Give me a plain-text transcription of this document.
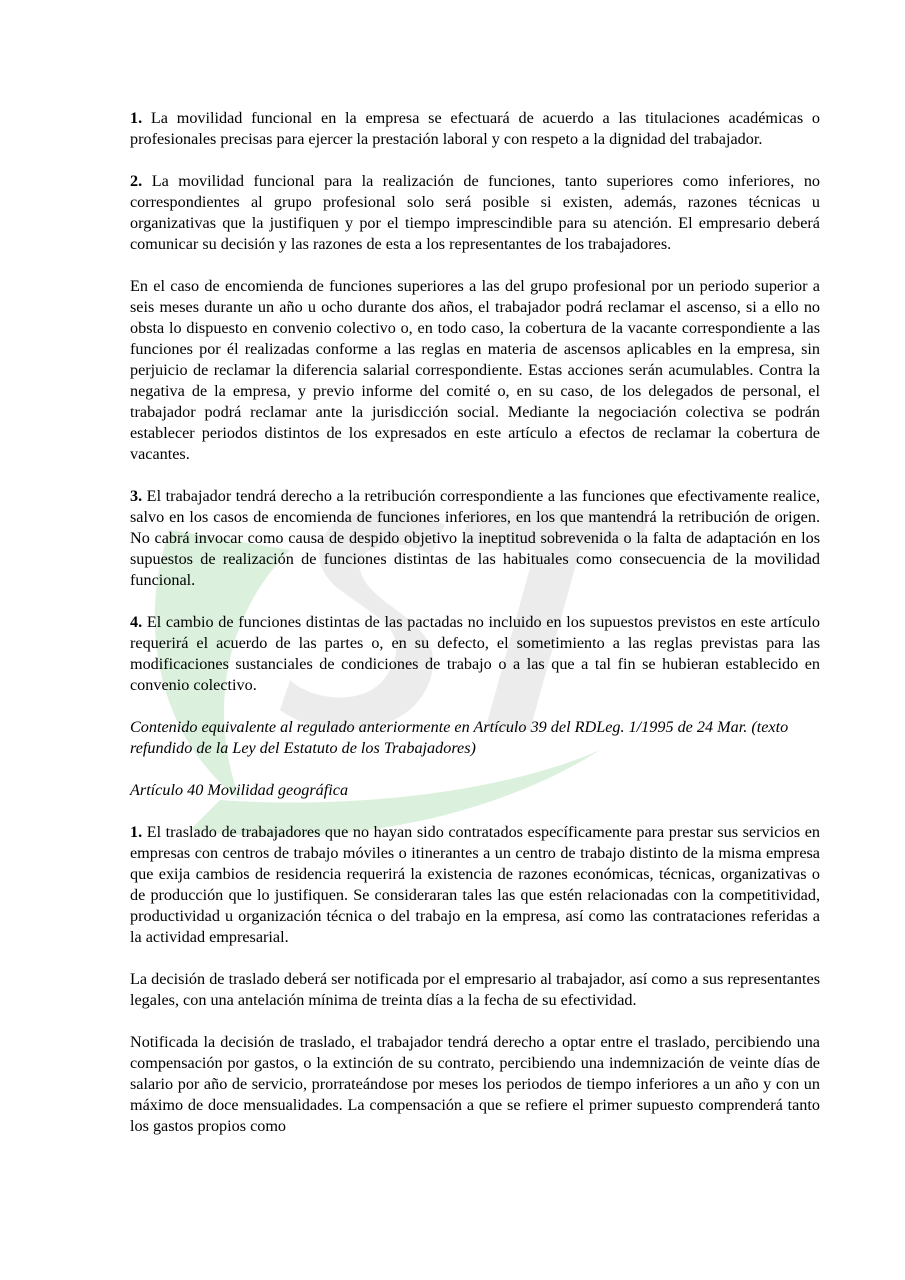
1. La movilidad funcional en la empresa se efectuará de acuerdo a las titulaciones académicas o profesionales precisas para ejercer la prestación laboral y con respeto a la dignidad del trabajador.

2. La movilidad funcional para la realización de funciones, tanto superiores como inferiores, no correspondientes al grupo profesional solo será posible si existen, además, razones técnicas u organizativas que la justifiquen y por el tiempo imprescindible para su atención. El empresario deberá comunicar su decisión y las razones de esta a los representantes de los trabajadores.

En el caso de encomienda de funciones superiores a las del grupo profesional por un periodo superior a seis meses durante un año u ocho durante dos años, el trabajador podrá reclamar el ascenso, si a ello no obsta lo dispuesto en convenio colectivo o, en todo caso, la cobertura de la vacante correspondiente a las funciones por él realizadas conforme a las reglas en materia de ascensos aplicables en la empresa, sin perjuicio de reclamar la diferencia salarial correspondiente. Estas acciones serán acumulables. Contra la negativa de la empresa, y previo informe del comité o, en su caso, de los delegados de personal, el trabajador podrá reclamar ante la jurisdicción social. Mediante la negociación colectiva se podrán establecer periodos distintos de los expresados en este artículo a efectos de reclamar la cobertura de vacantes.

3. El trabajador tendrá derecho a la retribución correspondiente a las funciones que efectivamente realice, salvo en los casos de encomienda de funciones inferiores, en los que mantendrá la retribución de origen. No cabrá invocar como causa de despido objetivo la ineptitud sobrevenida o la falta de adaptación en los supuestos de realización de funciones distintas de las habituales como consecuencia de la movilidad funcional.

4. El cambio de funciones distintas de las pactadas no incluido en los supuestos previstos en este artículo requerirá el acuerdo de las partes o, en su defecto, el sometimiento a las reglas previstas para las modificaciones sustanciales de condiciones de trabajo o a las que a tal fin se hubieran establecido en convenio colectivo.

Contenido equivalente al regulado anteriormente en Artículo 39 del RDLeg. 1/1995 de 24 Mar. (texto refundido de la Ley del Estatuto de los Trabajadores)

Artículo 40 Movilidad geográfica

1. El traslado de trabajadores que no hayan sido contratados específicamente para prestar sus servicios en empresas con centros de trabajo móviles o itinerantes a un centro de trabajo distinto de la misma empresa que exija cambios de residencia requerirá la existencia de razones económicas, técnicas, organizativas o de producción que lo justifiquen. Se consideraran tales las que estén relacionadas con la competitividad, productividad u organización técnica o del trabajo en la empresa, así como las contrataciones referidas a la actividad empresarial.

La decisión de traslado deberá ser notificada por el empresario al trabajador, así como a sus representantes legales, con una antelación mínima de treinta días a la fecha de su efectividad.

Notificada la decisión de traslado, el trabajador tendrá derecho a optar entre el traslado, percibiendo una compensación por gastos, o la extinción de su contrato, percibiendo una indemnización de veinte días de salario por año de servicio, prorrateándose por meses los periodos de tiempo inferiores a un año y con un máximo de doce mensualidades. La compensación a que se refiere el primer supuesto comprenderá tanto los gastos propios como
